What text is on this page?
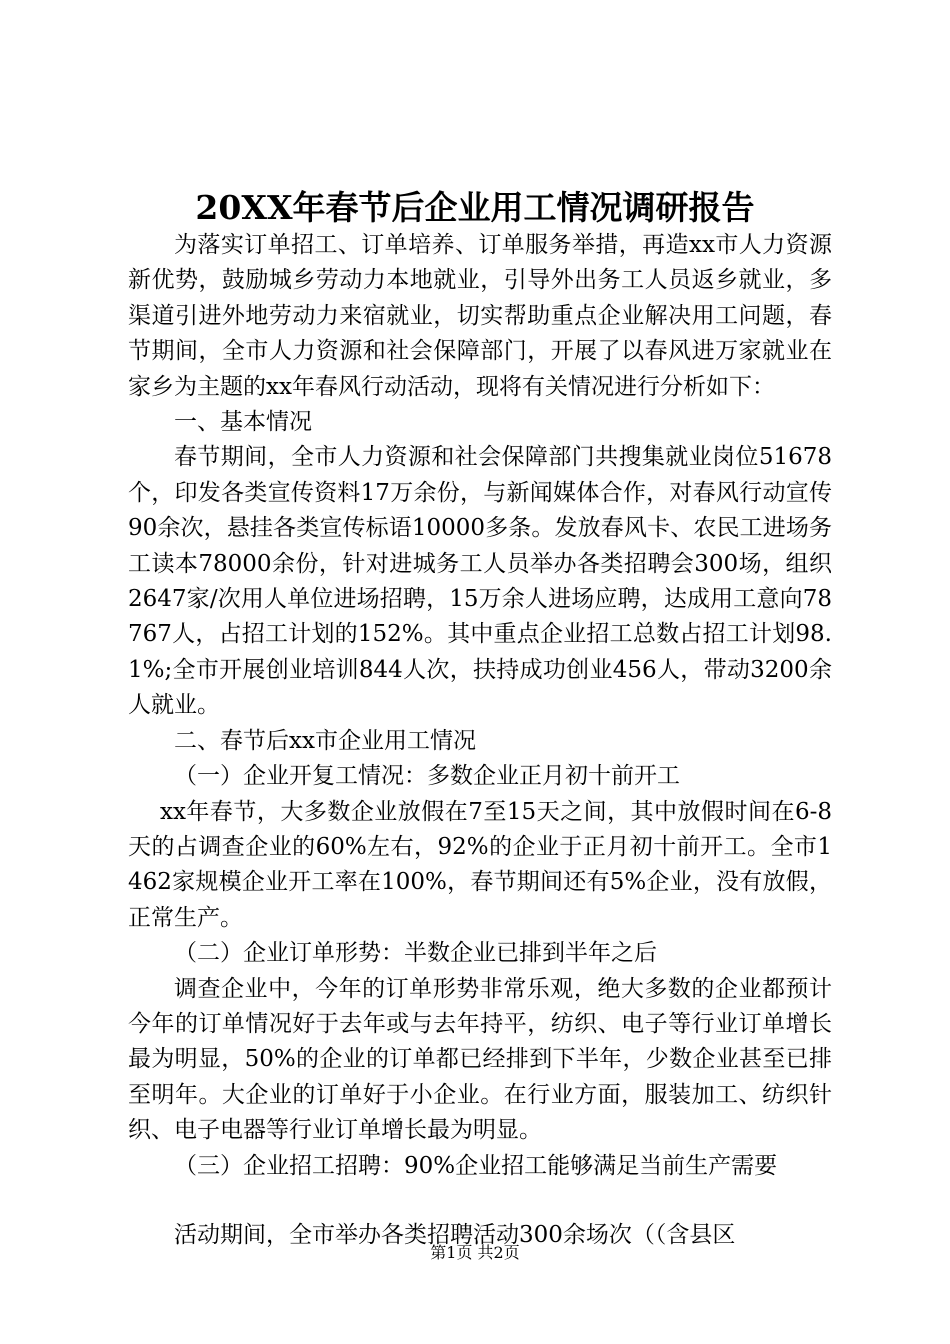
20XX年春节后企业用工情况调研报告

为落实订单招工、订单培养、订单服务举措，再造xx市人力资源新优势，鼓励城乡劳动力本地就业，引导外出务工人员返乡就业，多渠道引进外地劳动力来宿就业，切实帮助重点企业解决用工问题，春节期间，全市人力资源和社会保障部门，开展了以春风进万家就业在家乡为主题的xx年春风行动活动，现将有关情况进行分析如下：

一、基本情况

春节期间，全市人力资源和社会保障部门共搜集就业岗位51678个，印发各类宣传资料17万余份，与新闻媒体合作，对春风行动宣传90余次，悬挂各类宣传标语10000多条。发放春风卡、农民工进场务工读本78000余份，针对进城务工人员举办各类招聘会300场，组织2647家/次用人单位进场招聘，15万余人进场应聘，达成用工意向78767人，占招工计划的152%。其中重点企业招工总数占招工计划98.1%;全市开展创业培训844人次，扶持成功创业456人，带动3200余人就业。

二、春节后xx市企业用工情况

（一）企业开复工情况：多数企业正月初十前开工

xx年春节，大多数企业放假在7至15天之间，其中放假时间在6-8天的占调查企业的60%左右，92%的企业于正月初十前开工。全市1462家规模企业开工率在100%，春节期间还有5%企业，没有放假，正常生产。

（二）企业订单形势：半数企业已排到半年之后

调查企业中，今年的订单形势非常乐观，绝大多数的企业都预计今年的订单情况好于去年或与去年持平，纺织、电子等行业订单增长最为明显，50%的企业的订单都已经排到下半年，少数企业甚至已排至明年。大企业的订单好于小企业。在行业方面，服装加工、纺织针织、电子电器等行业订单增长最为明显。

（三）企业招工招聘：90%企业招工能够满足当前生产需要

活动期间，全市举办各类招聘活动300余场次（（含县区

第1页 共2页
